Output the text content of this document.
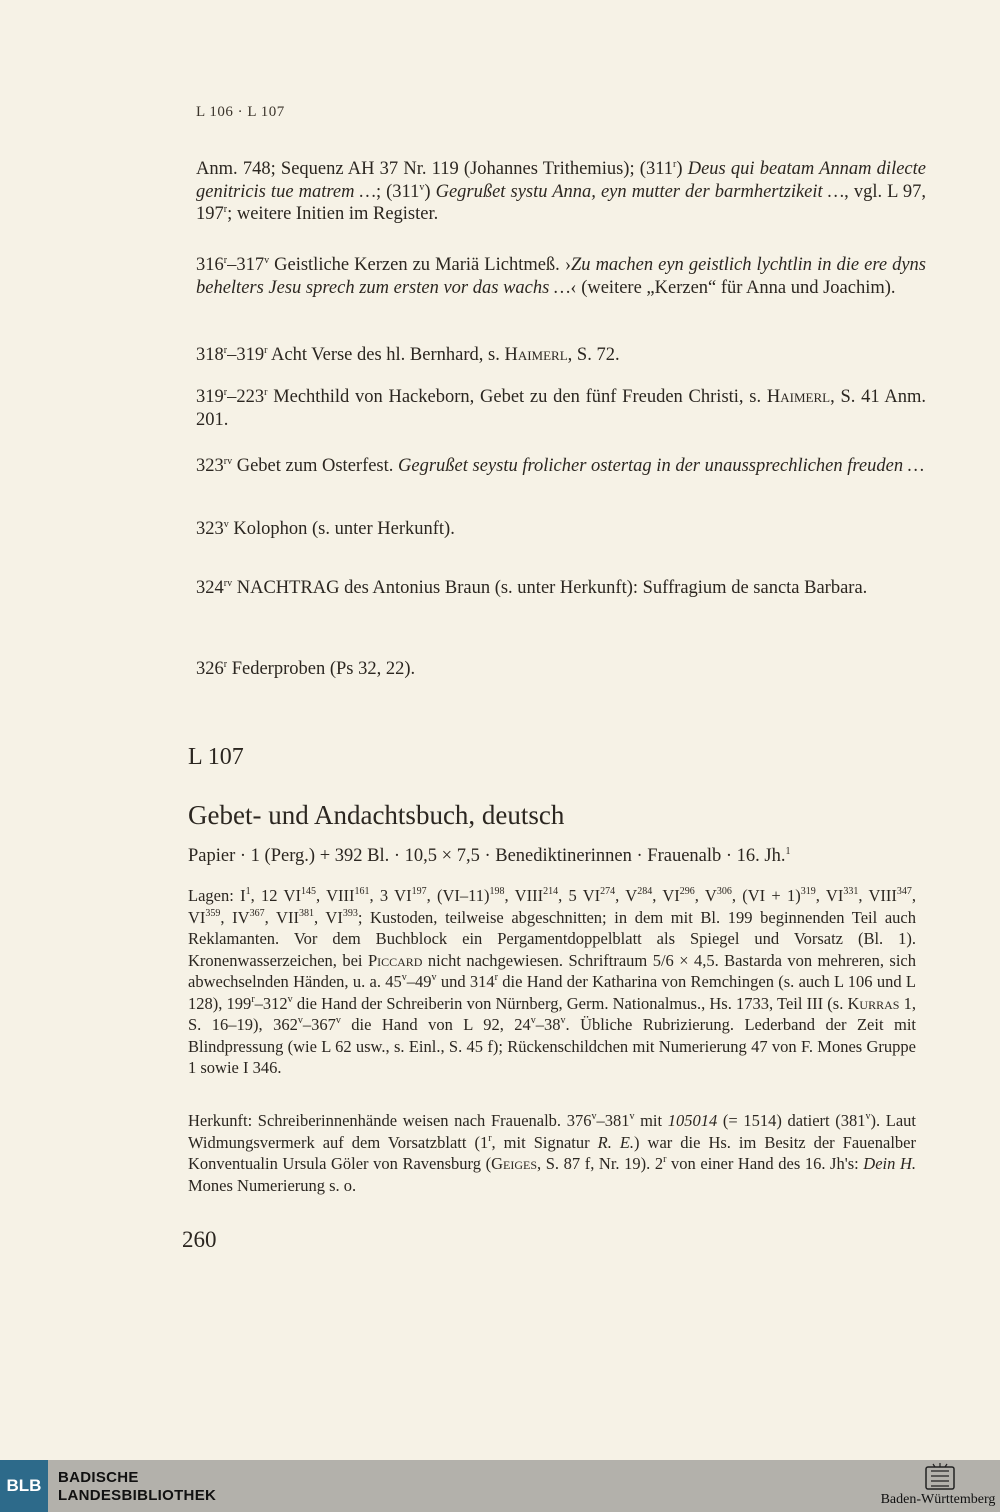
L 106 · L 107
Anm. 748; Sequenz AH 37 Nr. 119 (Johannes Trithemius); (311$^r$) Deus qui beatam Annam dilecte genitricis tue matrem …; (311$^v$) Gegrußet systu Anna, eyn mutter der barmhertzikeit …, vgl. L 97, 197$^r$; weitere Initien im Register.
316$^r$–317$^v$ Geistliche Kerzen zu Mariä Lichtmeß. ›Zu machen eyn geistlich lychtlin in die ere dyns behelters Jesu sprech zum ersten vor das wachs …‹ (weitere „Kerzen“ für Anna und Joachim).
318$^r$–319$^r$ Acht Verse des hl. Bernhard, s. Haimerl, S. 72.
319$^r$–223$^r$ Mechthild von Hackeborn, Gebet zu den fünf Freuden Christi, s. Haimerl, S. 41 Anm. 201.
$323^{rv}$ Gebet zum Osterfest. Gegrußet seystu frolicher ostertag in der unaussprechlichen freuden …
323$^v$ Kolophon (s. unter Herkunft).
$324^{rv}$ NACHTRAG des Antonius Braun (s. unter Herkunft): Suffragium de sancta Barbara.
326$^r$ Federproben (Ps 32, 22).
L 107
Gebet- und Andachtsbuch, deutsch
Papier · 1 (Perg.) + 392 Bl. · 10,5 × 7,5 · Benediktinerinnen · Frauenalb · 16. Jh.$^1$
Lagen: $I^1$, 12 VI$^{145}$, VIII$^{161}$, 3 VI$^{197}$, $(VI-11)^{198}$, VIII$^{214}$, 5 VI$^{274}$, $V^{284}$, VI$^{296}$, $V^{306}$, (VI + 1)$^{319}$, VI$^{331}$, VIII$^{347}$, VI$^{359}$, IV$^{367}$, VII$^{381}$, VI$^{393}$; Kustoden, teilweise abgeschnitten; in dem mit Bl. 199 beginnenden Teil auch Reklamanten. Vor dem Buchblock ein Pergamentdoppelblatt als Spiegel und Vorsatz (Bl. 1). Kronenwasserzeichen, bei Piccard nicht nachgewiesen. Schriftraum 5/6 × 4,5. Bastarda von mehreren, sich abwechselnden Händen, u. a. 45$^v$–49$^v$ und 314$^r$ die Hand der Katharina von Remchingen (s. auch L 106 und L 128), 199$^r$–312$^v$ die Hand der Schreiberin von Nürnberg, Germ. Nationalmus., Hs. 1733, Teil III (s. Kurras 1, S. 16–19), 362$^v$–367$^v$ die Hand von L 92, 24$^v$–38$^v$. Übliche Rubrizierung. Lederband der Zeit mit Blindpressung (wie L 62 usw., s. Einl., S. 45 f); Rückenschildchen mit Numerierung 47 von F. Mones Gruppe 1 sowie I 346.
Herkunft: Schreiberinnenhände weisen nach Frauenalb. 376$^v$–381$^v$ mit 105014 (= 1514) datiert (381$^v$). Laut Widmungsvermerk auf dem Vorsatzblatt (1$^r$, mit Signatur R. E.) war die Hs. im Besitz der Fauenalber Konventualin Ursula Göler von Ravensburg (Geiges, S. 87 f, Nr. 19). 2$^r$ von einer Hand des 16. Jh's: Dein H. Mones Numerierung s. o.
260
BLB	BADISCHE
LANDESBIBLIOTHEK	Baden-Württemberg
